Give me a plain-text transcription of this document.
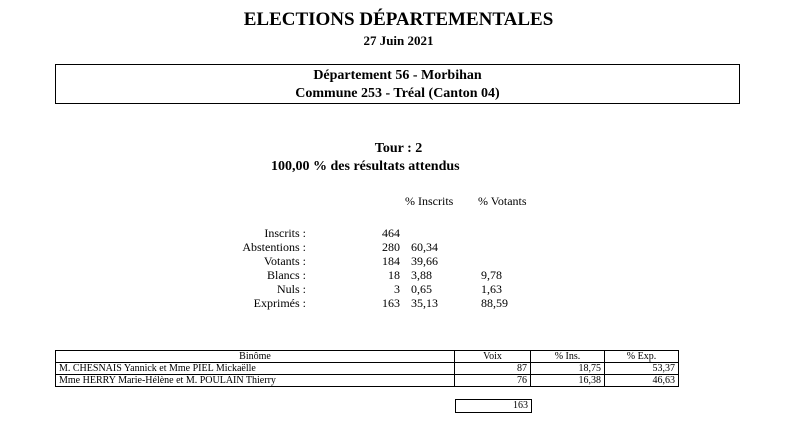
ELECTIONS DÉPARTEMENTALES
27 Juin 2021
Département 56 - Morbihan
Commune 253 - Tréal (Canton 04)
Tour : 2
100,00 % des résultats attendus
% Inscrits % Votants
Inscrits :	464
Abstentions :	280 60,34
Votants :	184 39,66
Blancs :	18 3,88	9,78
Nuls :	3 0,65	1,63
Exprimés :	163 35,13	88,59
Binôme	Voix	% Ins.	% Exp.
M. CHESNAIS Yannick et Mme PIEL Mickaëlle	87	18,75	53,37
Mme HERRY Marie-Hélène et M. POULAIN Thierry	76	16,38	46,63
163
